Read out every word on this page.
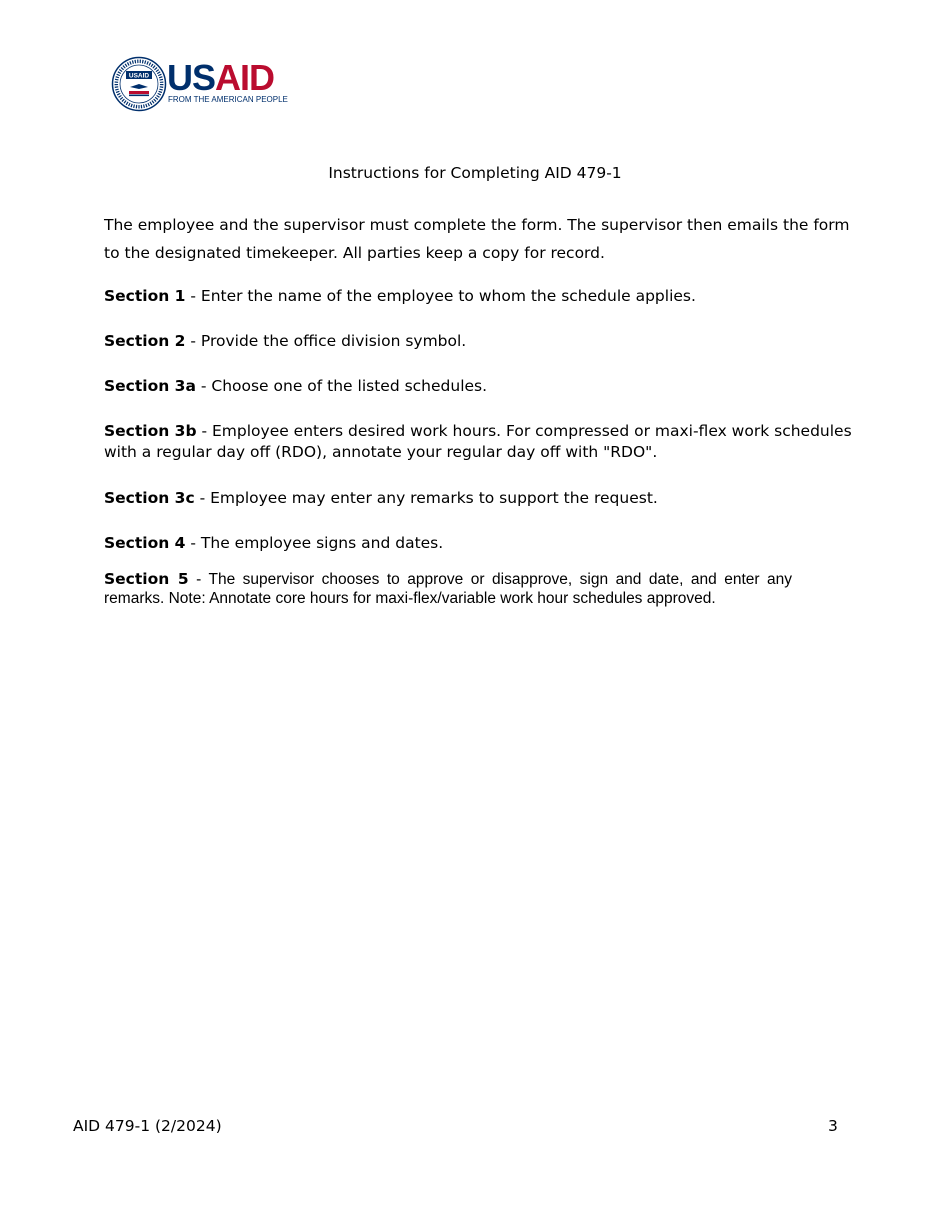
USAID USAID
FROM THE AMERICAN PEOPLE
Instructions for Completing AID 479-1

The employee and the supervisor must complete the form. The supervisor then emails the form to the designated timekeeper. All parties keep a copy for record.

Section 1 - Enter the name of the employee to whom the schedule applies.

Section 2 - Provide the office division symbol.

Section 3a - Choose one of the listed schedules.

Section 3b - Employee enters desired work hours. For compressed or maxi-flex work schedules with a regular day off (RDO), annotate your regular day off with "RDO".

Section 3c - Employee may enter any remarks to support the request.

Section 4 - The employee signs and dates.

Section 5 - The supervisor chooses to approve or disapprove, sign and date, and enter any remarks. Note: Annotate core hours for maxi-flex/variable work hour schedules approved.

AID 479-1 (2/2024)	3
